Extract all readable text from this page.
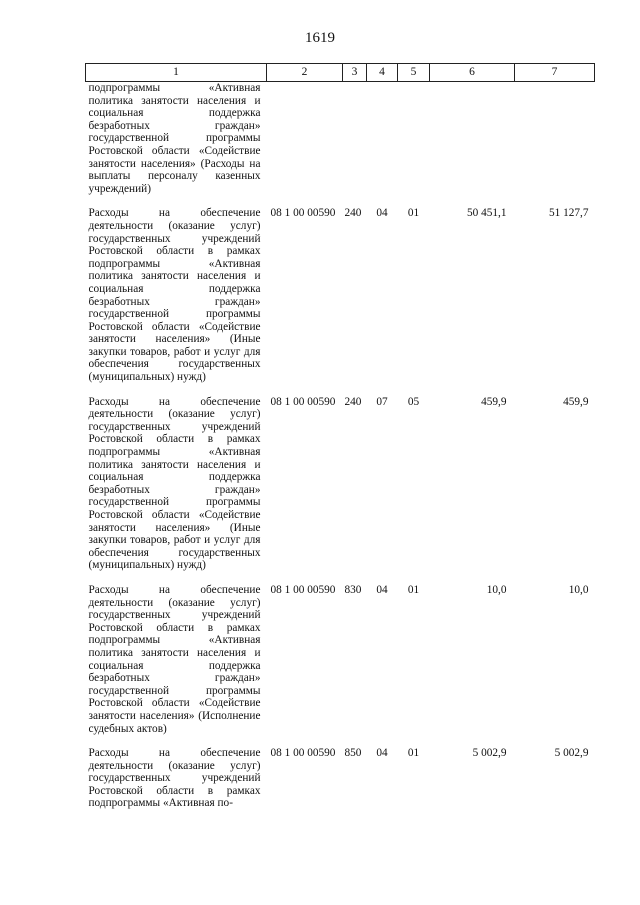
1619
1	2	3	4	5	6	7
подпрограммы «Активная политика занятости населения и социальная поддержка безработных граждан» государственной программы Ростовской области «Содействие занятости населения» (Расходы на выплаты персоналу казенных учреждений)						
Расходы на обеспечение деятельности (оказание услуг) государственных учреждений Ростовской области в рамках подпрограммы «Активная политика занятости населения и социальная поддержка безработных граждан» государственной программы Ростовской области «Содействие занятости населения» (Иные закупки товаров, работ и услуг для обеспечения государственных (муниципальных) нужд)	08 1 00 00590	240	04	01	50 451,1	51 127,7
Расходы на обеспечение деятельности (оказание услуг) государственных учреждений Ростовской области в рамках подпрограммы «Активная политика занятости населения и социальная поддержка безработных граждан» государственной программы Ростовской области «Содействие занятости населения» (Иные закупки товаров, работ и услуг для обеспечения государственных (муниципальных) нужд)	08 1 00 00590	240	07	05	459,9	459,9
Расходы на обеспечение деятельности (оказание услуг) государственных учреждений Ростовской области в рамках подпрограммы «Активная политика занятости населения и социальная поддержка безработных граждан» государственной программы Ростовской области «Содействие занятости населения» (Исполнение судебных актов)	08 1 00 00590	830	04	01	10,0	10,0
Расходы на обеспечение деятельности (оказание услуг) государственных учреждений Ростовской области в рамках подпрограммы «Активная по-	08 1 00 00590	850	04	01	5 002,9	5 002,9
